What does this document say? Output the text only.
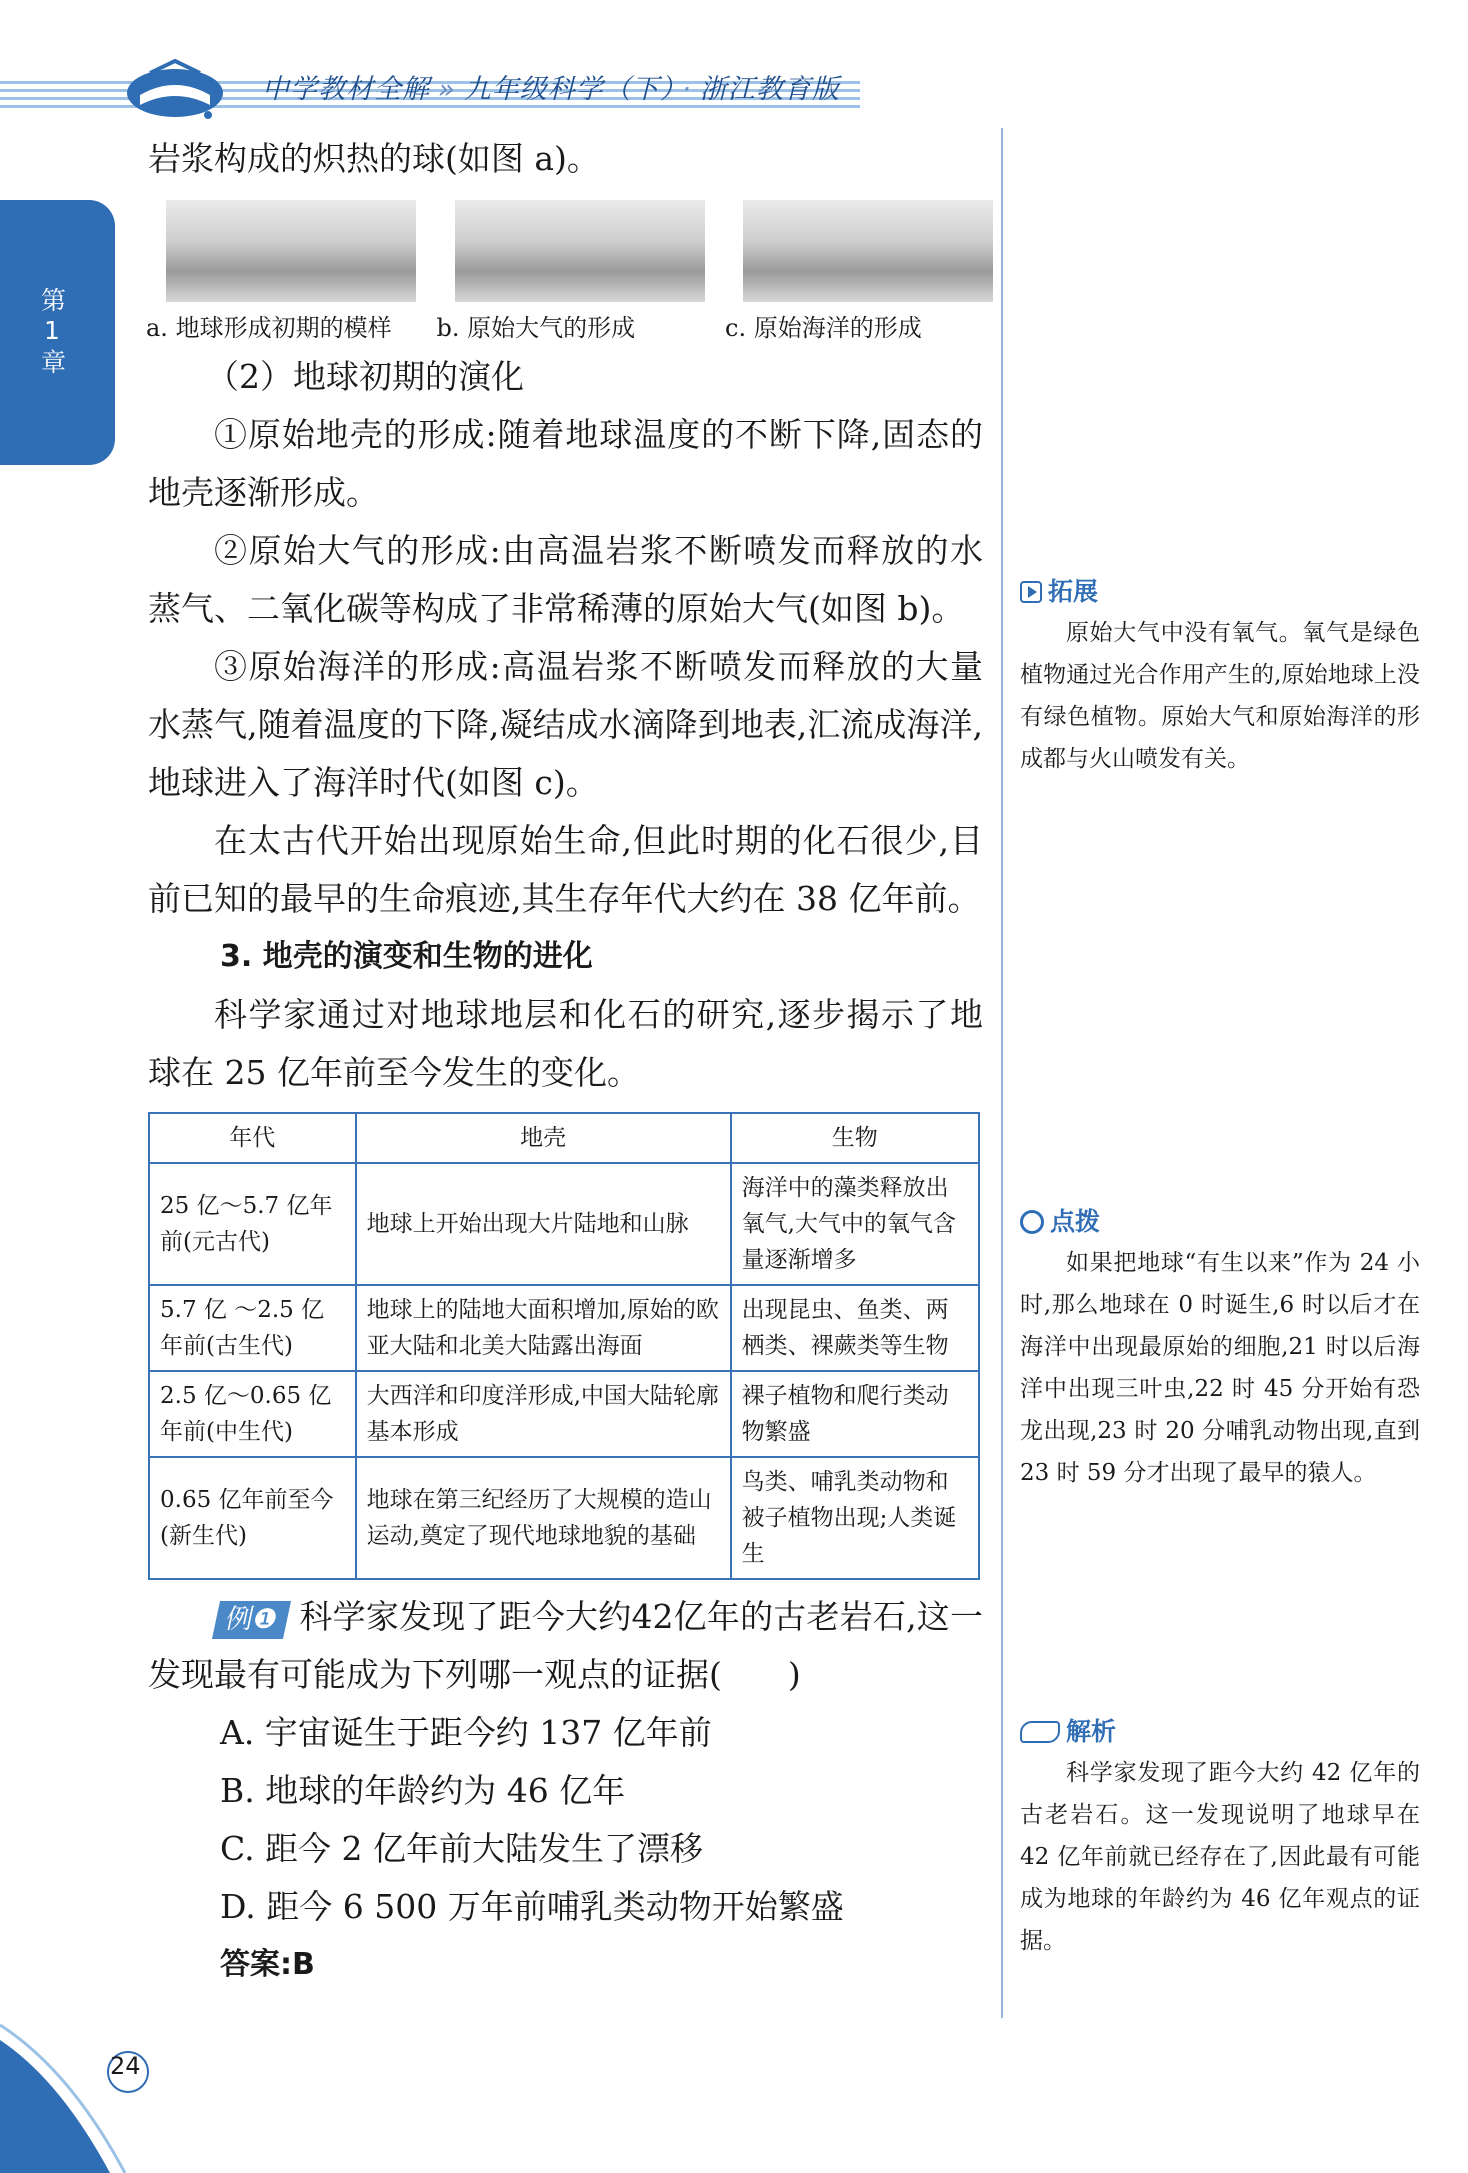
中学教材全解 » 九年级科学（下） · 浙江教育版
第1章

岩浆构成的炽热的球(如图 a)。

a. 地球形成初期的模样	b. 原始大气的形成	c. 原始海洋的形成

（2）地球初期的演化

①原始地壳的形成:随着地球温度的不断下降,固态的地壳逐渐形成。

②原始大气的形成:由高温岩浆不断喷发而释放的水蒸气、二氧化碳等构成了非常稀薄的原始大气(如图 b)。

③原始海洋的形成:高温岩浆不断喷发而释放的大量水蒸气,随着温度的下降,凝结成水滴降到地表,汇流成海洋,地球进入了海洋时代(如图 c)。

在太古代开始出现原始生命,但此时期的化石很少,目前已知的最早的生命痕迹,其生存年代大约在 38 亿年前。

3. 地壳的演变和生物的进化

科学家通过对地球地层和化石的研究,逐步揭示了地球在 25 亿年前至今发生的变化。

年代	地壳	生物
25 亿～5.7 亿年前(元古代)	地球上开始出现大片陆地和山脉	海洋中的藻类释放出氧气,大气中的氧气含量逐渐增多
5.7 亿 ～2.5 亿年前(古生代)	地球上的陆地大面积增加,原始的欧亚大陆和北美大陆露出海面	出现昆虫、鱼类、两栖类、裸蕨类等生物
2.5 亿～0.65 亿年前(中生代)	大西洋和印度洋形成,中国大陆轮廓基本形成	裸子植物和爬行类动物繁盛
0.65 亿年前至今(新生代)	地球在第三纪经历了大规模的造山运动,奠定了现代地球地貌的基础	鸟类、哺乳类动物和被子植物出现;人类诞生

例❶ 科学家发现了距今大约42亿年的古老岩石,这一发现最有可能成为下列哪一观点的证据(　　)

A. 宇宙诞生于距今约 137 亿年前

B. 地球的年龄约为 46 亿年

C. 距今 2 亿年前大陆发生了漂移

D. 距今 6 500 万年前哺乳类动物开始繁盛

答案:B

拓展

原始大气中没有氧气。氧气是绿色植物通过光合作用产生的,原始地球上没有绿色植物。原始大气和原始海洋的形成都与火山喷发有关。

点拨

如果把地球“有生以来”作为 24 小时,那么地球在 0 时诞生,6 时以后才在海洋中出现最原始的细胞,21 时以后海洋中出现三叶虫,22 时 45 分开始有恐龙出现,23 时 20 分哺乳动物出现,直到 23 时 59 分才出现了最早的猿人。

解析

科学家发现了距今大约 42 亿年的古老岩石。这一发现说明了地球早在 42 亿年前就已经存在了,因此最有可能成为地球的年龄约为 46 亿年观点的证据。

24
